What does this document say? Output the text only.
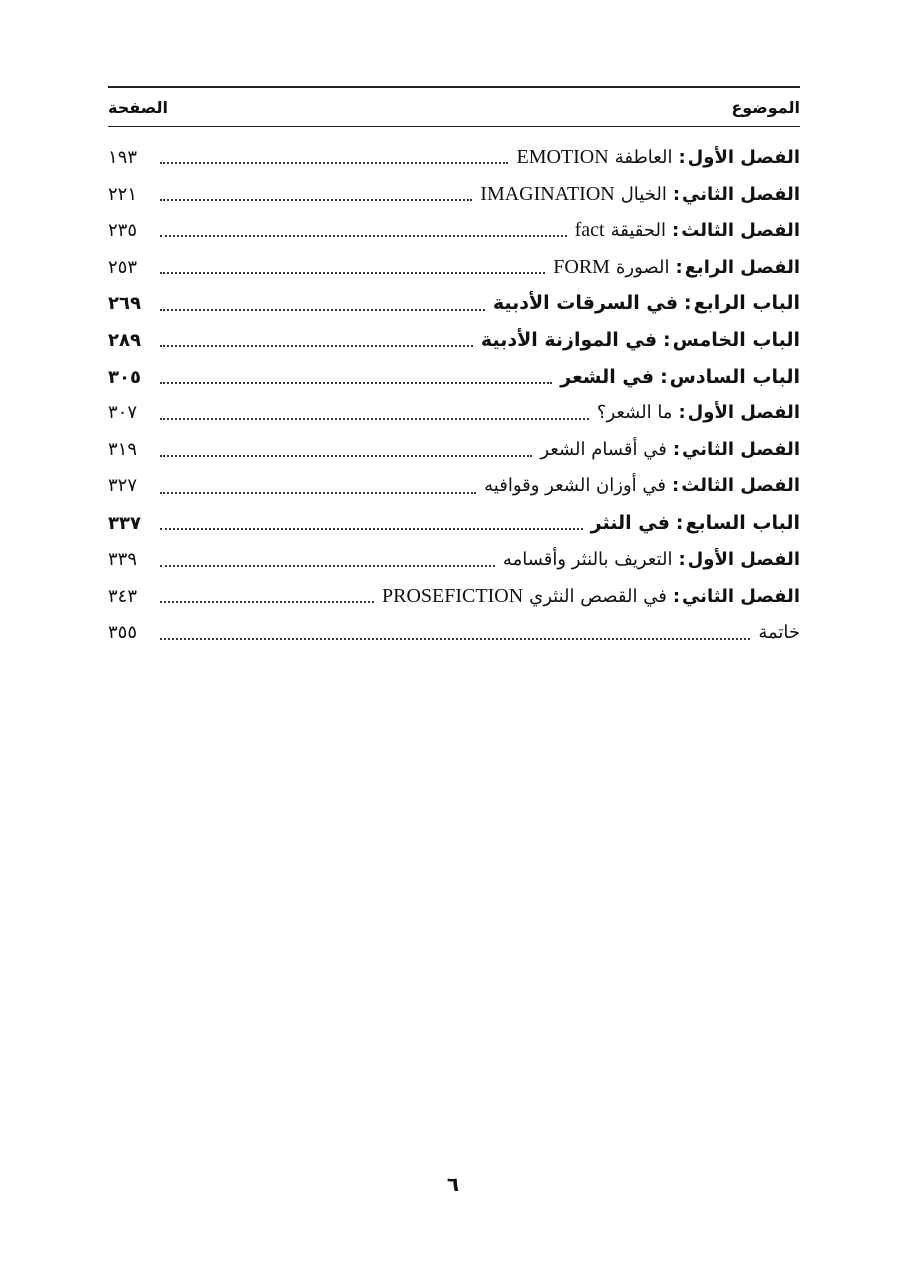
الموضوع
الصفحة
الفصل الأول
:
العاطفة
EMOTION
١٩٣
الفصل الثاني
:
الخيال
IMAGINATION
٢٢١
الفصل الثالث
:
الحقيقة
fact
٢٣٥
الفصل الرابع
:
الصورة
FORM
٢٥٣
الباب الرابع
:
في السرقات الأدبية
٢٦٩
الباب الخامس
:
في الموازنة الأدبية
٢٨٩
الباب السادس
:
في الشعر
٣٠٥
الفصل الأول
:
ما الشعر؟
٣٠٧
الفصل الثاني
:
في أقسام الشعر
٣١٩
الفصل الثالث
:
في أوزان الشعر وقوافيه
٣٢٧
الباب السابع
:
في النثر
٣٣٧
الفصل الأول
:
التعريف بالنثر وأقسامه
٣٣٩
الفصل الثاني
:
في القصص النثري
PROSEFICTION
٣٤٣
خاتمة
٣٥٥
٦
